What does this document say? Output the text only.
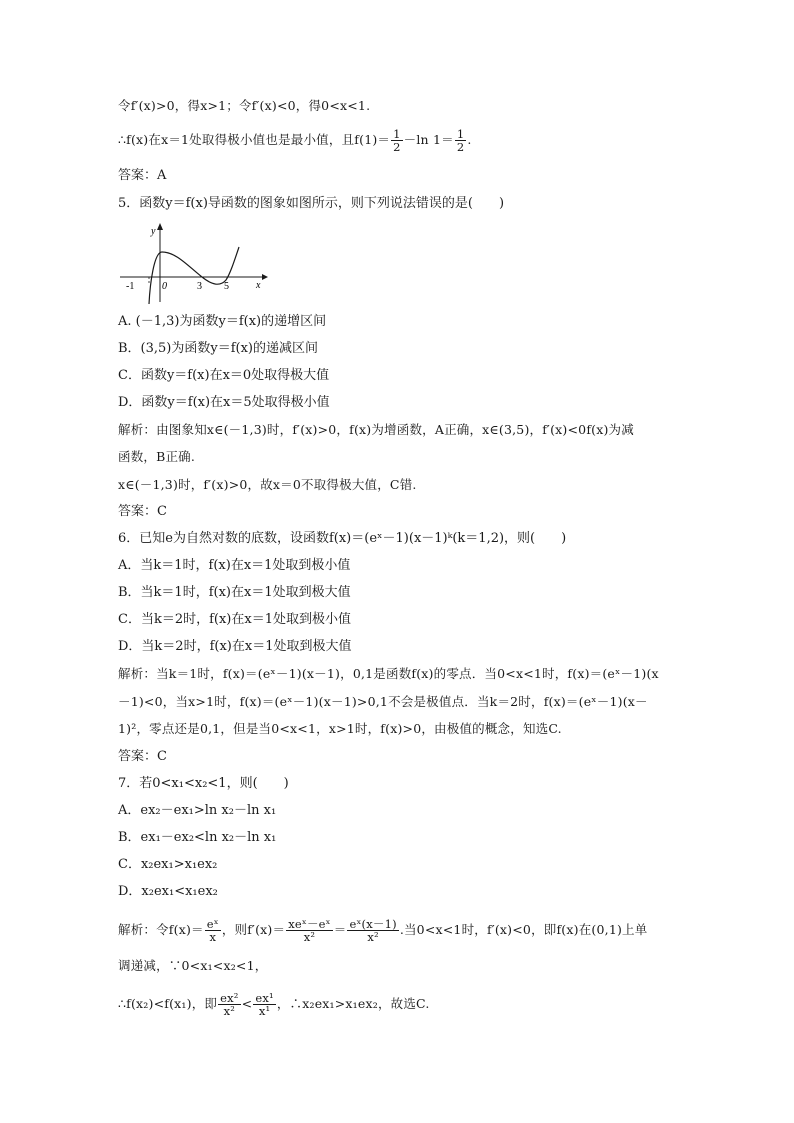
令f′(x)>0，得x>1；令f′(x)<0，得0<x<1.
∴f(x)在x＝1处取得极小值也是最小值，且$f(1)= \frac{1}{2} -\ln$ $1= \frac{1}{2}$ .
答案：A
5．函数y＝f(x)导函数的图象如图所示，则下列说法错误的是(　　)
y
x
-1	0	3 5
A. (－1,3)为函数y＝f(x)的递增区间
B．(3,5)为函数y＝f(x)的递减区间
C．函数y＝f(x)在x＝0处取得极大值
D．函数y＝f(x)在x＝5处取得极小值
解析：由图象知x∈(－1,3)时，f′(x)>0，f(x)为增函数，A正确，x∈(3,5)，f′(x)<0f(x)为减
函数，B正确.
x∈(－1,3)时，f′(x)>0，故x＝0不取得极大值，C错.
答案：C
6．已知e为自然对数的底数，设函数f(x)＝(eˣ－1)(x－1)ᵏ(k＝1,2)，则(　　)
A．当k＝1时，f(x)在x＝1处取到极小值
B．当k＝1时，f(x)在x＝1处取到极大值
C．当k＝2时，f(x)在x＝1处取到极小值
D．当k＝2时，f(x)在x＝1处取到极大值
解析：当k＝1时，f(x)＝(eˣ－1)(x－1)，0,1是函数f(x)的零点．当0<x<1时，f(x)＝(eˣ－1)(x
－1)<0，当x>1时，f(x)＝(eˣ－1)(x－1)>0,1不会是极值点．当k＝2时，f(x)＝(eˣ－1)(x－
1)²，零点还是0,1，但是当0<x<1，x>1时，f(x)>0，由极值的概念，知选C.
答案：C
7．若0<x₁<x₂<1，则(　　)
A．ex₂－ex₁>ln x₂－ln x₁
B．ex₁－ex₂<ln x₂－ln x₁
C．x₂ex₁>x₁ex₂
D．x₂ex₁<x₁ex₂
解析：令$f(x)= \frac{\text{eˣ}}{x}$ ，则$f'(x)= \frac{\text{xeˣ－eˣ}}{\text{x²}} = \frac{\text{eˣ(x－1)}}{\text{x²}}$ .当0<x<1时，f′(x)<0，即f(x)在(0,1)上单
调递减，∵0<x₁<x₂<1，
∴f(x₂)<f(x₁)，即 $\frac{\text{ex²}}{\text{x²}} < \frac{\text{ex¹}}{\text{x¹}}$ ，∴x₂ex₁>x₁ex₂，故选C.
